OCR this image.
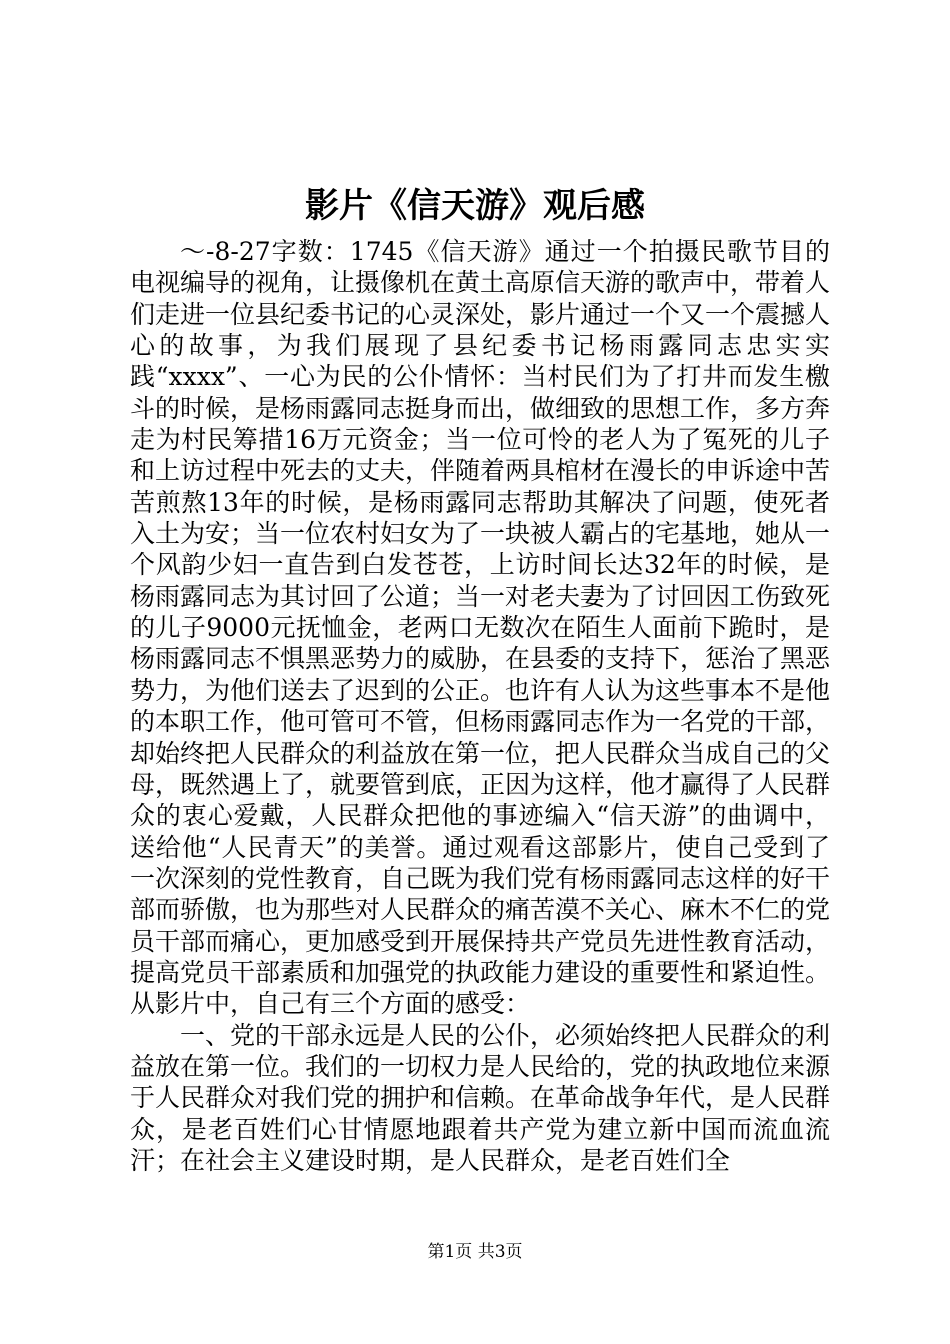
影片《信天游》观后感

～-8-27字数：1745《信天游》通过一个拍摄民歌节目的电视编导的视角，让摄像机在黄土高原信天游的歌声中，带着人们走进一位县纪委书记的心灵深处，影片通过一个又一个震撼人心的故事，为我们展现了县纪委书记杨雨露同志忠实实践“xxxx”、一心为民的公仆情怀：当村民们为了打井而发生檄斗的时候，是杨雨露同志挺身而出，做细致的思想工作，多方奔走为村民筹措16万元资金；当一位可怜的老人为了冤死的儿子和上访过程中死去的丈夫，伴随着两具棺材在漫长的申诉途中苦苦煎熬13年的时候，是杨雨露同志帮助其解决了问题，使死者入土为安；当一位农村妇女为了一块被人霸占的宅基地，她从一个风韵少妇一直告到白发苍苍，上访时间长达32年的时候，是杨雨露同志为其讨回了公道；当一对老夫妻为了讨回因工伤致死的儿子9000元抚恤金，老两口无数次在陌生人面前下跪时，是杨雨露同志不惧黑恶势力的威胁，在县委的支持下，惩治了黑恶势力，为他们送去了迟到的公正。也许有人认为这些事本不是他的本职工作，他可管可不管，但杨雨露同志作为一名党的干部，却始终把人民群众的利益放在第一位，把人民群众当成自己的父母，既然遇上了，就要管到底，正因为这样，他才赢得了人民群众的衷心爱戴，人民群众把他的事迹编入“信天游”的曲调中，送给他“人民青天”的美誉。通过观看这部影片，使自己受到了一次深刻的党性教育，自己既为我们党有杨雨露同志这样的好干部而骄傲，也为那些对人民群众的痛苦漠不关心、麻木不仁的党员干部而痛心，更加感受到开展保持共产党员先进性教育活动，提高党员干部素质和加强党的执政能力建设的重要性和紧迫性。从影片中，自己有三个方面的感受：

一、党的干部永远是人民的公仆，必须始终把人民群众的利益放在第一位。我们的一切权力是人民给的，党的执政地位来源于人民群众对我们党的拥护和信赖。在革命战争年代，是人民群众，是老百姓们心甘情愿地跟着共产党为建立新中国而流血流汗；在社会主义建设时期，是人民群众，是老百姓们全

第1页 共3页
